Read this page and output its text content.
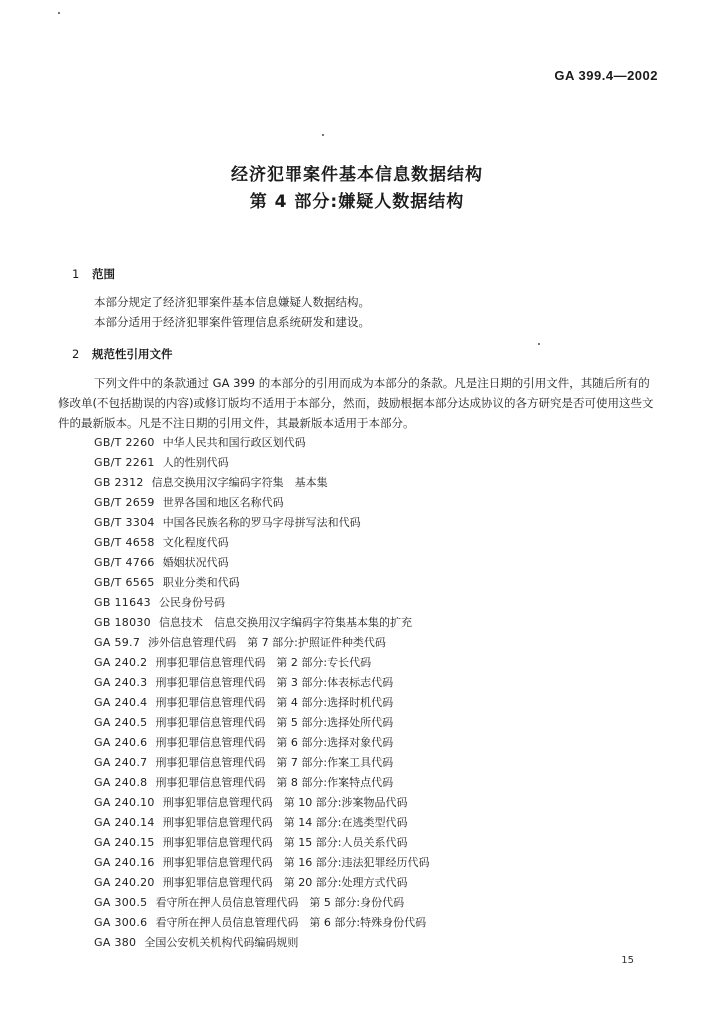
GA 399.4—2002
经济犯罪案件基本信息数据结构
第 4 部分:嫌疑人数据结构
1 范围
本部分规定了经济犯罪案件基本信息嫌疑人数据结构。
本部分适用于经济犯罪案件管理信息系统研发和建设。
2 规范性引用文件
下列文件中的条款通过 GA 399 的本部分的引用而成为本部分的条款。凡是注日期的引用文件，其随后所有的修改单(不包括勘误的内容)或修订版均不适用于本部分，然而，鼓励根据本部分达成协议的各方研究是否可使用这些文件的最新版本。凡是不注日期的引用文件，其最新版本适用于本部分。
GB/T 2260 中华人民共和国行政区划代码
GB/T 2261 人的性别代码
GB 2312 信息交换用汉字编码字符集　基本集
GB/T 2659 世界各国和地区名称代码
GB/T 3304 中国各民族名称的罗马字母拼写法和代码
GB/T 4658 文化程度代码
GB/T 4766 婚姻状况代码
GB/T 6565 职业分类和代码
GB 11643 公民身份号码
GB 18030 信息技术　信息交换用汉字编码字符集基本集的扩充
GA 59.7 涉外信息管理代码　第 7 部分:护照证件种类代码
GA 240.2 刑事犯罪信息管理代码　第 2 部分:专长代码
GA 240.3 刑事犯罪信息管理代码　第 3 部分:体表标志代码
GA 240.4 刑事犯罪信息管理代码　第 4 部分:选择时机代码
GA 240.5 刑事犯罪信息管理代码　第 5 部分:选择处所代码
GA 240.6 刑事犯罪信息管理代码　第 6 部分:选择对象代码
GA 240.7 刑事犯罪信息管理代码　第 7 部分:作案工具代码
GA 240.8 刑事犯罪信息管理代码　第 8 部分:作案特点代码
GA 240.10 刑事犯罪信息管理代码　第 10 部分:涉案物品代码
GA 240.14 刑事犯罪信息管理代码　第 14 部分:在逃类型代码
GA 240.15 刑事犯罪信息管理代码　第 15 部分:人员关系代码
GA 240.16 刑事犯罪信息管理代码　第 16 部分:违法犯罪经历代码
GA 240.20 刑事犯罪信息管理代码　第 20 部分:处理方式代码
GA 300.5 看守所在押人员信息管理代码　第 5 部分:身份代码
GA 300.6 看守所在押人员信息管理代码　第 6 部分:特殊身份代码
GA 380 全国公安机关机构代码编码规则
15
